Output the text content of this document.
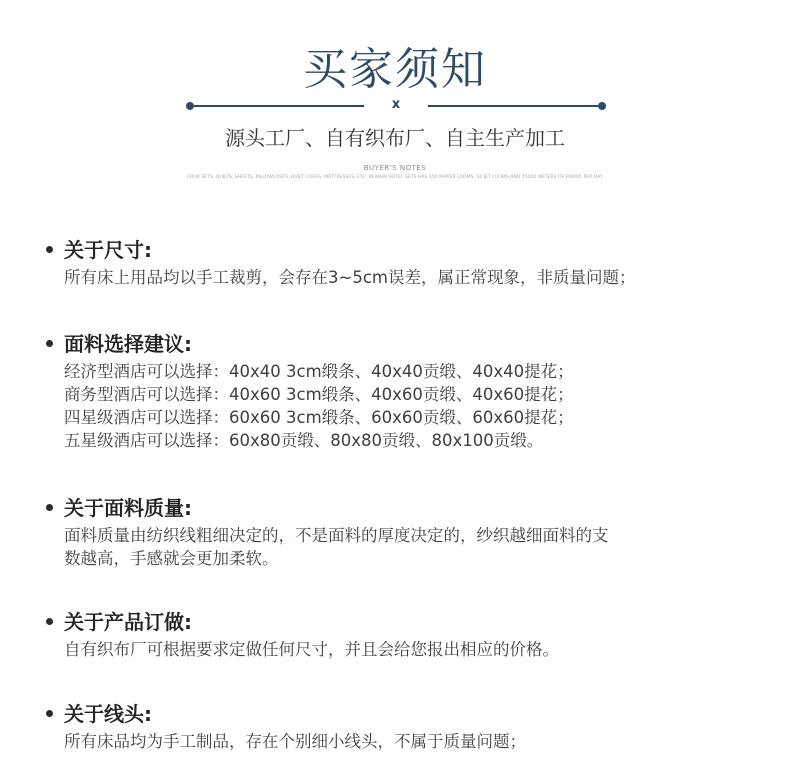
买家须知
x
源头工厂、自有织布厂、自主生产加工
BUYER'S NOTES
FOUR SETS, QUILTS, SHEETS, PILLOWCASES, QUILT CORES, MATTRESSES, ETC. IN MAIN HOTEL SETS HAS 150 RAPIER LOOMS, 50 JET LOOMS AND 15000 METERS OF FABRIC PER DAY
关于尺寸:
所有床上用品均以手工裁剪，会存在3~5cm误差，属正常现象，非质量问题；
面料选择建议:
经济型酒店可以选择：40x40 3cm缎条、40x40贡缎、40x40提花；
商务型酒店可以选择：40x60 3cm缎条、40x60贡缎、40x60提花；
四星级酒店可以选择：60x60 3cm缎条、60x60贡缎、60x60提花；
五星级酒店可以选择：60x80贡缎、80x80贡缎、80x100贡缎。
关于面料质量:
面料质量由纺织线粗细决定的，不是面料的厚度决定的，纱织越细面料的支
数越高，手感就会更加柔软。
关于产品订做:
自有织布厂可根据要求定做任何尺寸，并且会给您报出相应的价格。
关于线头:
所有床品均为手工制品，存在个别细小线头，不属于质量问题；
